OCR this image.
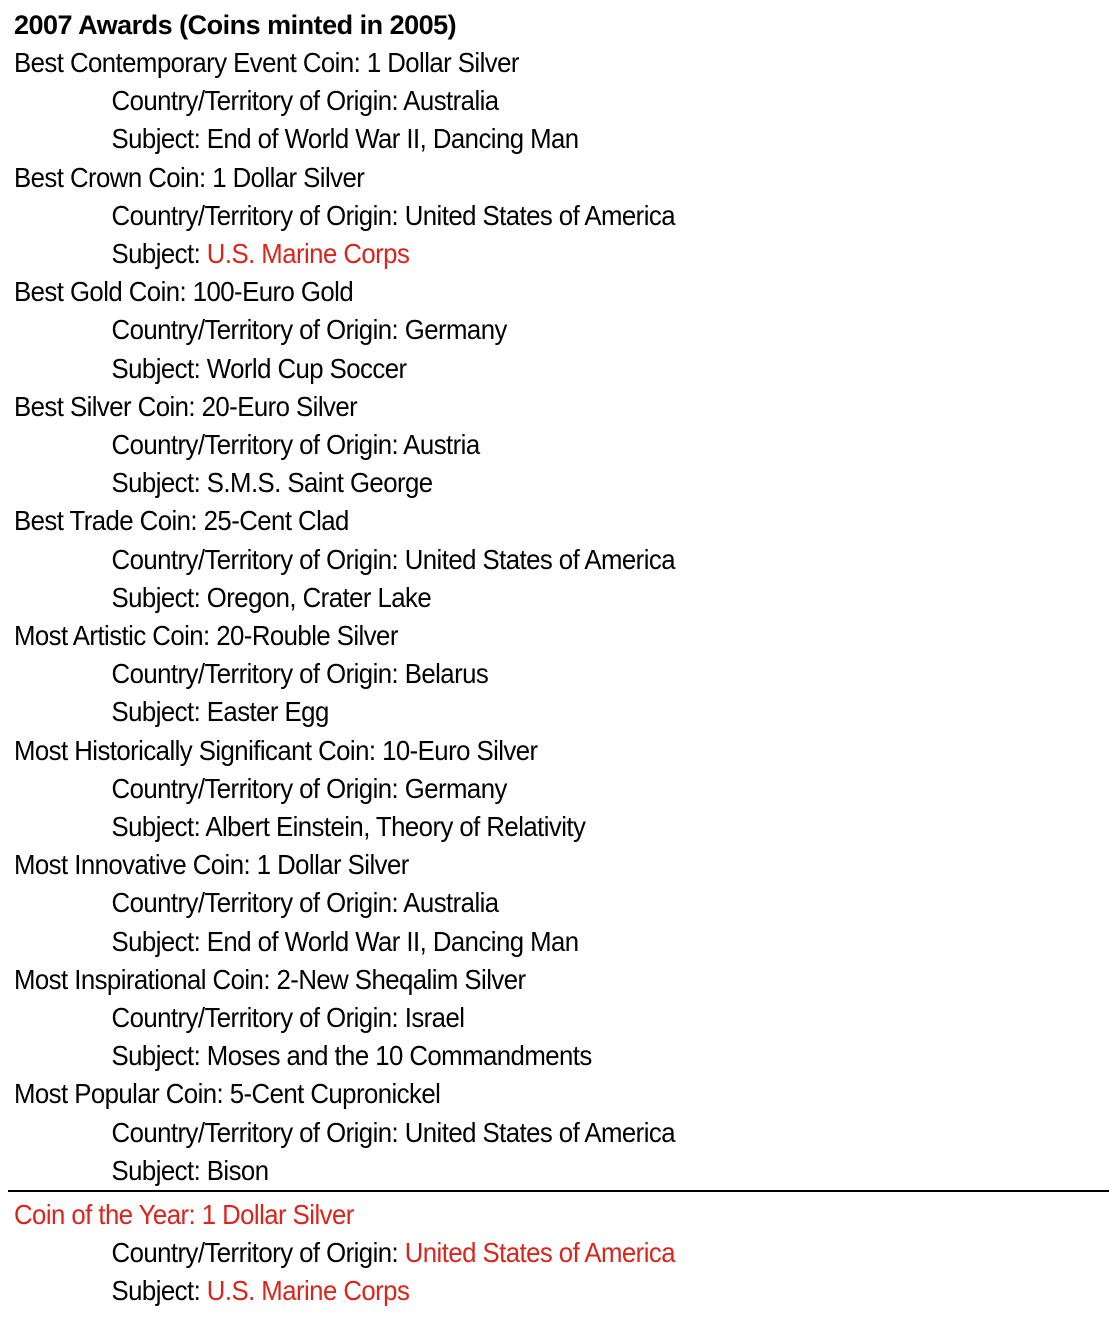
2007 Awards (Coins minted in 2005)
Best Contemporary Event Coin: 1 Dollar Silver
Country/Territory of Origin: Australia
Subject: End of World War II, Dancing Man
Best Crown Coin: 1 Dollar Silver
Country/Territory of Origin: United States of America
Subject: U.S. Marine Corps
Best Gold Coin: 100-Euro Gold
Country/Territory of Origin: Germany
Subject: World Cup Soccer
Best Silver Coin: 20-Euro Silver
Country/Territory of Origin: Austria
Subject: S.M.S. Saint George
Best Trade Coin: 25-Cent Clad
Country/Territory of Origin: United States of America
Subject: Oregon, Crater Lake
Most Artistic Coin: 20-Rouble Silver
Country/Territory of Origin: Belarus
Subject: Easter Egg
Most Historically Significant Coin: 10-Euro Silver
Country/Territory of Origin: Germany
Subject: Albert Einstein, Theory of Relativity
Most Innovative Coin: 1 Dollar Silver
Country/Territory of Origin: Australia
Subject: End of World War II, Dancing Man
Most Inspirational Coin: 2-New Sheqalim Silver
Country/Territory of Origin: Israel
Subject: Moses and the 10 Commandments
Most Popular Coin: 5-Cent Cupronickel
Country/Territory of Origin: United States of America
Subject: Bison
Coin of the Year: 1 Dollar Silver
Country/Territory of Origin: United States of America
Subject: U.S. Marine Corps
